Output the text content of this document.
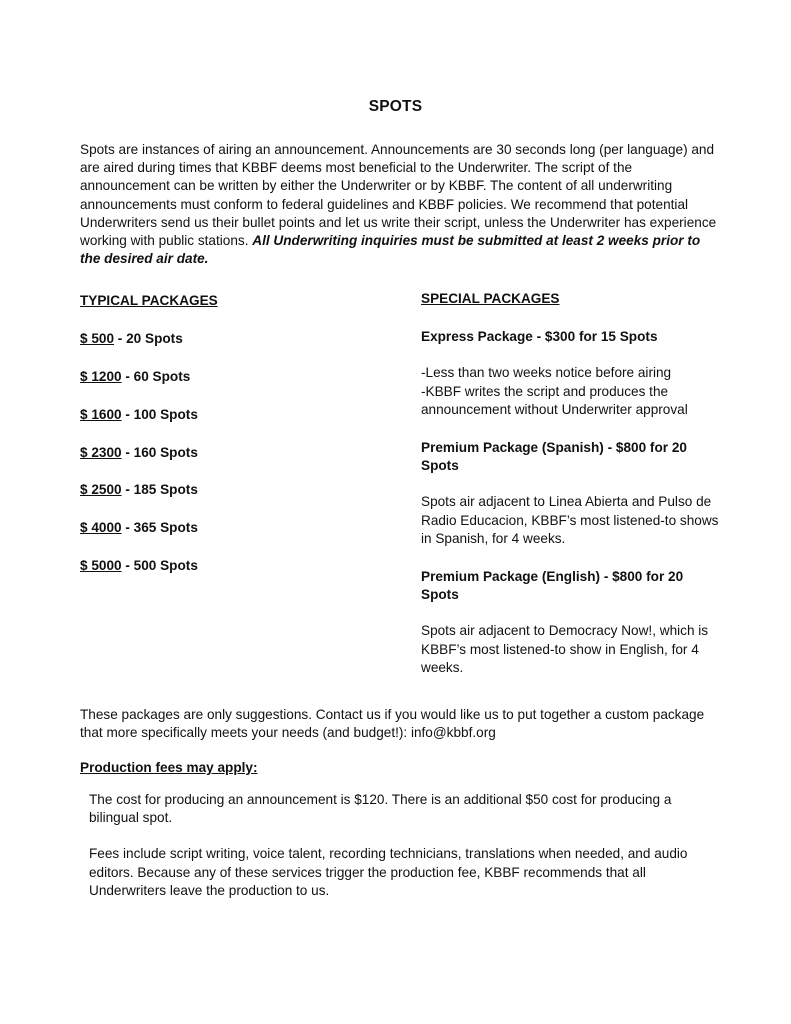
SPOTS

Spots are instances of airing an announcement. Announcements are 30 seconds long (per language) and are aired during times that KBBF deems most beneficial to the Underwriter. The script of the announcement can be written by either the Underwriter or by KBBF. The content of all underwriting announcements must conform to federal guidelines and KBBF policies. We recommend that potential Underwriters send us their bullet points and let us write their script, unless the Underwriter has experience working with public stations. All Underwriting inquiries must be submitted at least 2 weeks prior to the desired air date.

TYPICAL PACKAGES

$ 500 - 20 Spots
$ 1200 - 60 Spots
$ 1600 - 100 Spots
$ 2300 - 160 Spots
$ 2500 - 185 Spots
$ 4000 - 365 Spots
$ 5000 - 500 Spots

SPECIAL PACKAGES

Express Package - $300 for 15 Spots

-Less than two weeks notice before airing
-KBBF writes the script and produces the announcement without Underwriter approval

Premium Package (Spanish) - $800 for 20 Spots

Spots air adjacent to Linea Abierta and Pulso de Radio Educacion, KBBF’s most listened-to shows in Spanish, for 4 weeks.

Premium Package (English) - $800 for 20 Spots

Spots air adjacent to Democracy Now!, which is KBBF’s most listened-to show in English, for 4 weeks.

These packages are only suggestions. Contact us if you would like us to put together a custom package that more specifically meets your needs (and budget!): info@kbbf.org

Production fees may apply:

The cost for producing an announcement is $120. There is an additional $50 cost for producing a bilingual spot.

Fees include script writing, voice talent, recording technicians, translations when needed, and audio editors. Because any of these services trigger the production fee, KBBF recommends that all Underwriters leave the production to us.
